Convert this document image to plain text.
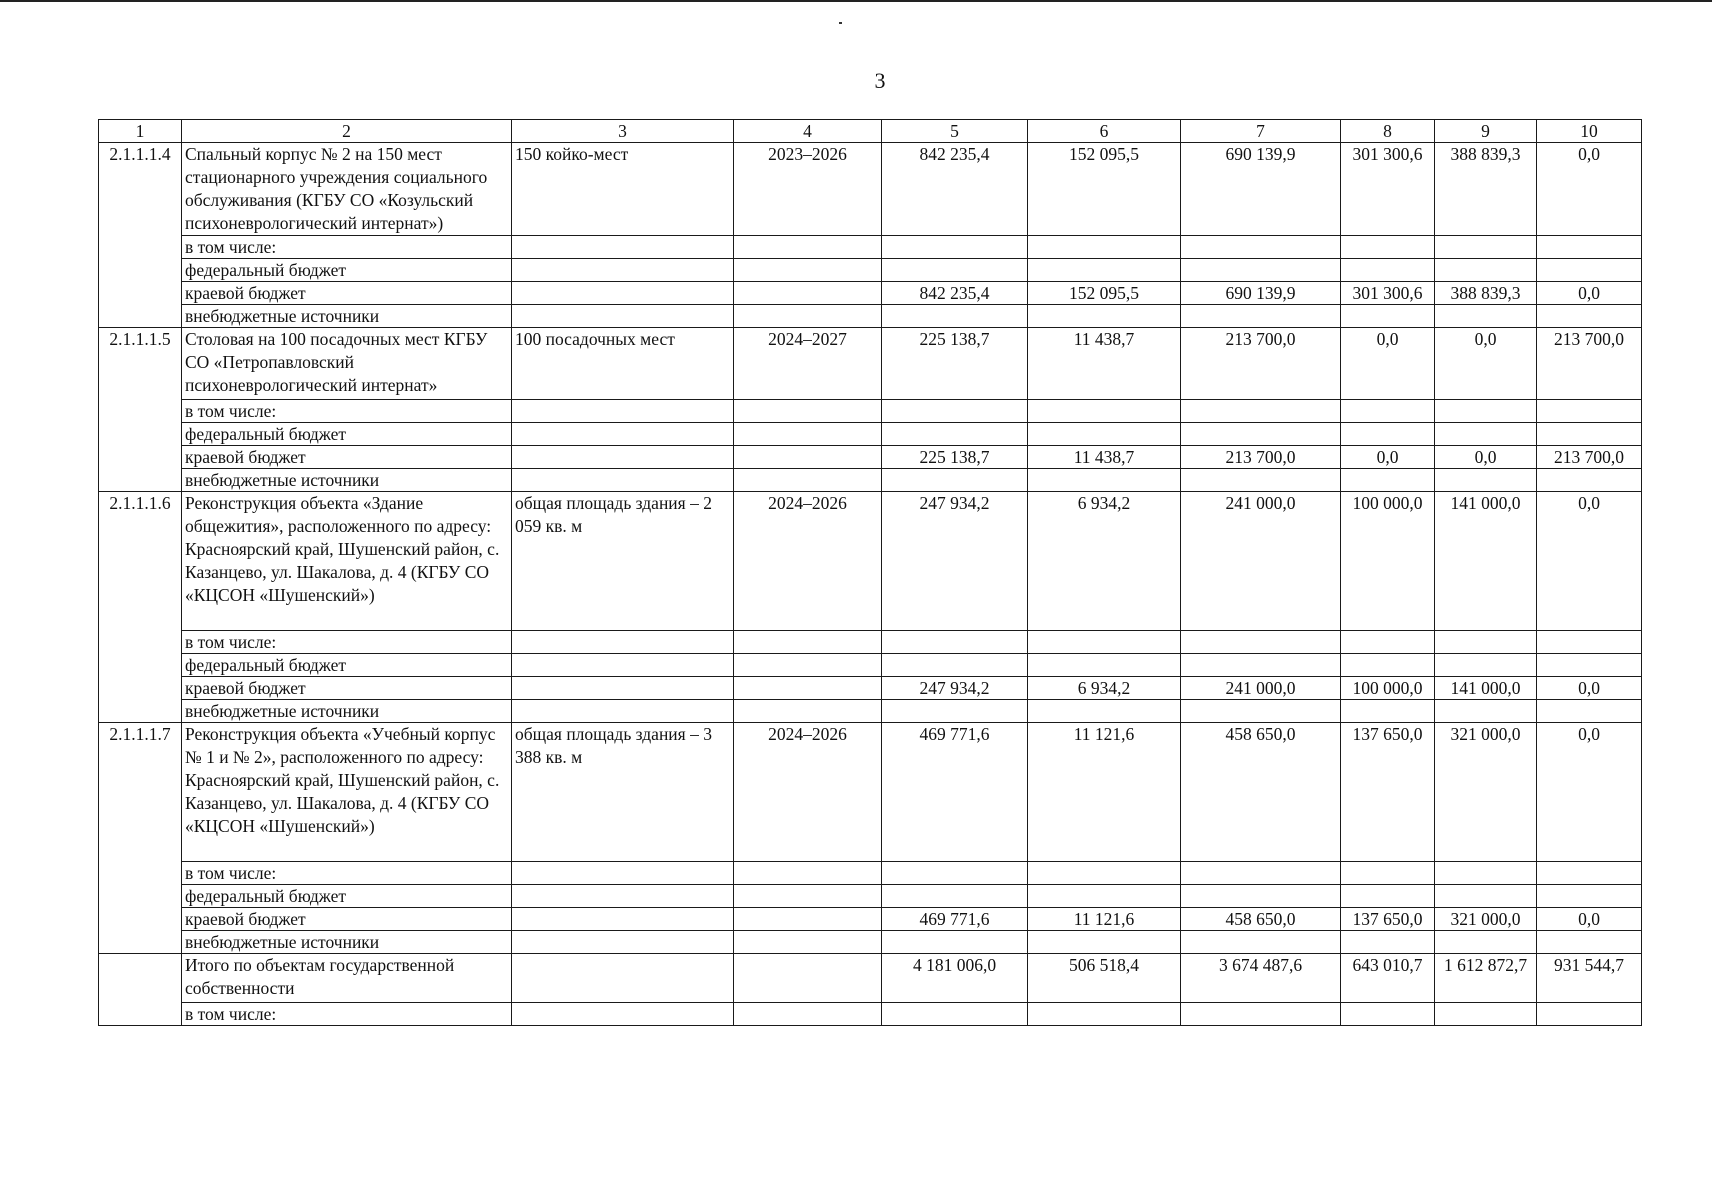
3
1	2	3	4	5	6	7	8	9	10
2.1.1.1.4	Спальный корпус № 2 на 150 мест стационарного учреждения социального обслуживания (КГБУ СО «Козульский психоневрологический интернат»)	150 койко-мест	2023–2026	842 235,4	152 095,5	690 139,9	301 300,6	388 839,3	0,0
	в том числе:								
	федеральный бюджет								
	краевой бюджет			842 235,4	152 095,5	690 139,9	301 300,6	388 839,3	0,0
	внебюджетные источники								
2.1.1.1.5	Столовая на 100 посадочных мест КГБУ СО «Петропавловский психоневрологический интернат»	100 посадочных мест	2024–2027	225 138,7	11 438,7	213 700,0	0,0	0,0	213 700,0
	в том числе:								
	федеральный бюджет								
	краевой бюджет			225 138,7	11 438,7	213 700,0	0,0	0,0	213 700,0
	внебюджетные источники								
2.1.1.1.6	Реконструкция объекта «Здание общежития», расположенного по адресу: Красноярский край, Шушенский район, с. Казанцево, ул. Шакалова, д. 4 (КГБУ СО «КЦСОН «Шушенский»)	общая площадь здания – 2 059 кв. м	2024–2026	247 934,2	6 934,2	241 000,0	100 000,0	141 000,0	0,0
	в том числе:								
	федеральный бюджет								
	краевой бюджет			247 934,2	6 934,2	241 000,0	100 000,0	141 000,0	0,0
	внебюджетные источники								
2.1.1.1.7	Реконструкция объекта «Учебный корпус № 1 и № 2», расположенного по адресу: Красноярский край, Шушенский район, с. Казанцево, ул. Шакалова, д. 4 (КГБУ СО «КЦСОН «Шушенский»)	общая площадь здания – 3 388 кв. м	2024–2026	469 771,6	11 121,6	458 650,0	137 650,0	321 000,0	0,0
	в том числе:								
	федеральный бюджет								
	краевой бюджет			469 771,6	11 121,6	458 650,0	137 650,0	321 000,0	0,0
	внебюджетные источники								
	Итого по объектам государственной собственности			4 181 006,0	506 518,4	3 674 487,6	643 010,7	1 612 872,7	931 544,7
	в том числе:								
